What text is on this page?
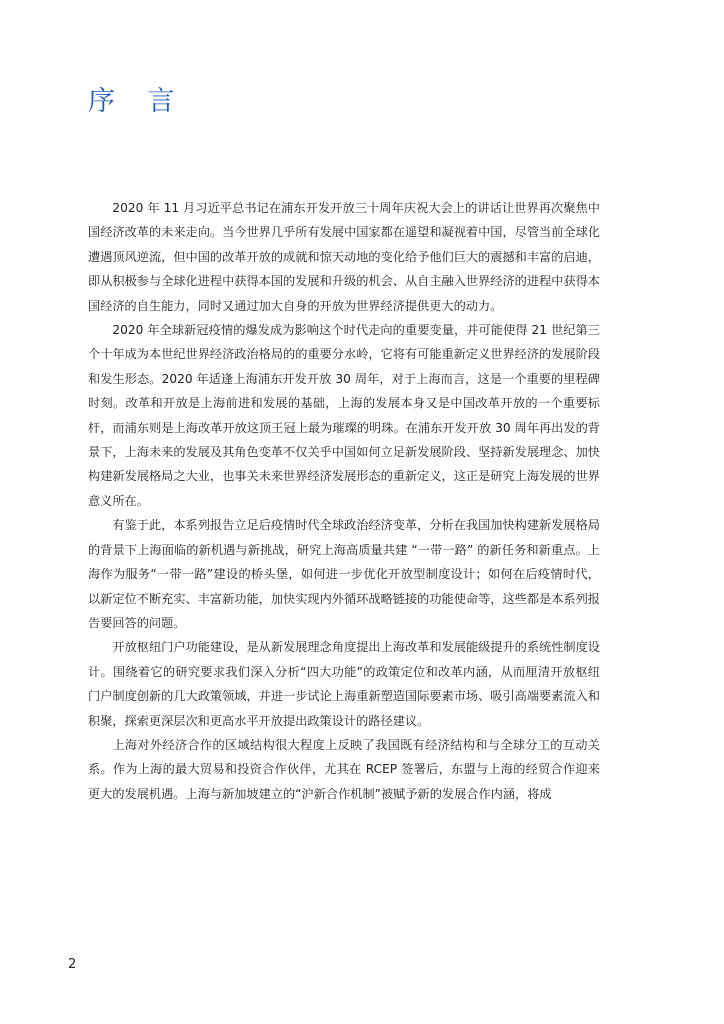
序 言

2020 年 11 月习近平总书记在浦东开发开放三十周年庆祝大会上的讲话让世界再次聚焦中国经济改革的未来走向。当今世界几乎所有发展中国家都在遥望和凝视着中国，尽管当前全球化遭遇顶风逆流，但中国的改革开放的成就和惊天动地的变化给予他们巨大的震撼和丰富的启迪，即从积极参与全球化进程中获得本国的发展和升级的机会、从自主融入世界经济的进程中获得本国经济的自生能力，同时又通过加大自身的开放为世界经济提供更大的动力。

2020 年全球新冠疫情的爆发成为影响这个时代走向的重要变量，并可能使得 21 世纪第三个十年成为本世纪世界经济政治格局的的重要分水岭，它将有可能重新定义世界经济的发展阶段和发生形态。2020 年适逢上海浦东开发开放 30 周年，对于上海而言，这是一个重要的里程碑时刻。改革和开放是上海前进和发展的基础，上海的发展本身又是中国改革开放的一个重要标杆，而浦东则是上海改革开放这顶王冠上最为璀璨的明珠。在浦东开发开放 30 周年再出发的背景下，上海未来的发展及其角色变革不仅关乎中国如何立足新发展阶段、坚持新发展理念、加快构建新发展格局之大业，也事关未来世界经济发展形态的重新定义，这正是研究上海发展的世界意义所在。

有鉴于此，本系列报告立足后疫情时代全球政治经济变革，分析在我国加快构建新发展格局的背景下上海面临的新机遇与新挑战，研究上海高质量共建 “一带一路” 的新任务和新重点。上海作为服务“一带一路”建设的桥头堡，如何进一步优化开放型制度设计；如何在后疫情时代，以新定位不断充实、丰富新功能，加快实现内外循环战略链接的功能使命等，这些都是本系列报告要回答的问题。

开放枢纽门户功能建设，是从新发展理念角度提出上海改革和发展能级提升的系统性制度设计。围绕着它的研究要求我们深入分析“四大功能”的政策定位和改革内涵，从而厘清开放枢纽门户制度创新的几大政策领域，并进一步试论上海重新塑造国际要素市场、吸引高端要素流入和积聚，探索更深层次和更高水平开放提出政策设计的路径建议。

上海对外经济合作的区域结构很大程度上反映了我国既有经济结构和与全球分工的互动关系。作为上海的最大贸易和投资合作伙伴，尤其在 RCEP 签署后，东盟与上海的经贸合作迎来更大的发展机遇。上海与新加坡建立的“沪新合作机制”被赋予新的发展合作内涵，将成

2
